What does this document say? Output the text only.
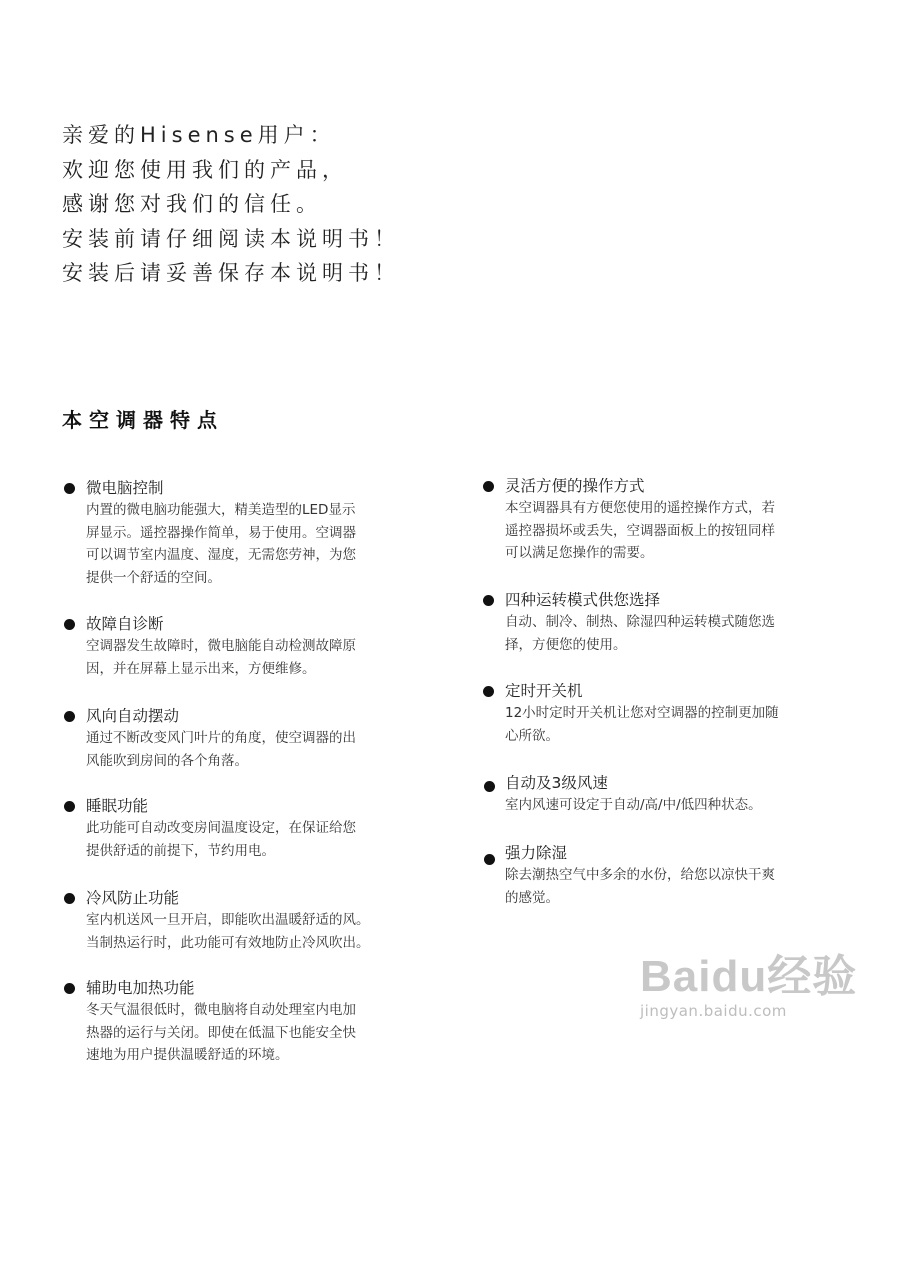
亲爱的Hisense用户：
欢迎您使用我们的产品，
感谢您对我们的信任。
安装前请仔细阅读本说明书！
安装后请妥善保存本说明书！
本空调器特点
微电脑控制
内置的微电脑功能强大，精美造型的LED显示
屏显示。遥控器操作简单，易于使用。空调器
可以调节室内温度、湿度，无需您劳神，为您
提供一个舒适的空间。
故障自诊断
空调器发生故障时，微电脑能自动检测故障原
因，并在屏幕上显示出来，方便维修。
风向自动摆动
通过不断改变风门叶片的角度，使空调器的出
风能吹到房间的各个角落。
睡眠功能
此功能可自动改变房间温度设定，在保证给您
提供舒适的前提下，节约用电。
冷风防止功能
室内机送风一旦开启，即能吹出温暖舒适的风。
当制热运行时，此功能可有效地防止冷风吹出。
辅助电加热功能
冬天气温很低时，微电脑将自动处理室内电加
热器的运行与关闭。即使在低温下也能安全快
速地为用户提供温暖舒适的环境。
灵活方便的操作方式
本空调器具有方便您使用的遥控操作方式，若
遥控器损坏或丢失，空调器面板上的按钮同样
可以满足您操作的需要。
四种运转模式供您选择
自动、制冷、制热、除湿四种运转模式随您选
择，方便您的使用。
定时开关机
12小时定时开关机让您对空调器的控制更加随
心所欲。
自动及3级风速
室内风速可设定于自动/高/中/低四种状态。
强力除湿
除去潮热空气中多余的水份，给您以凉快干爽
的感觉。
Baidu经验
jingyan.baidu.com
